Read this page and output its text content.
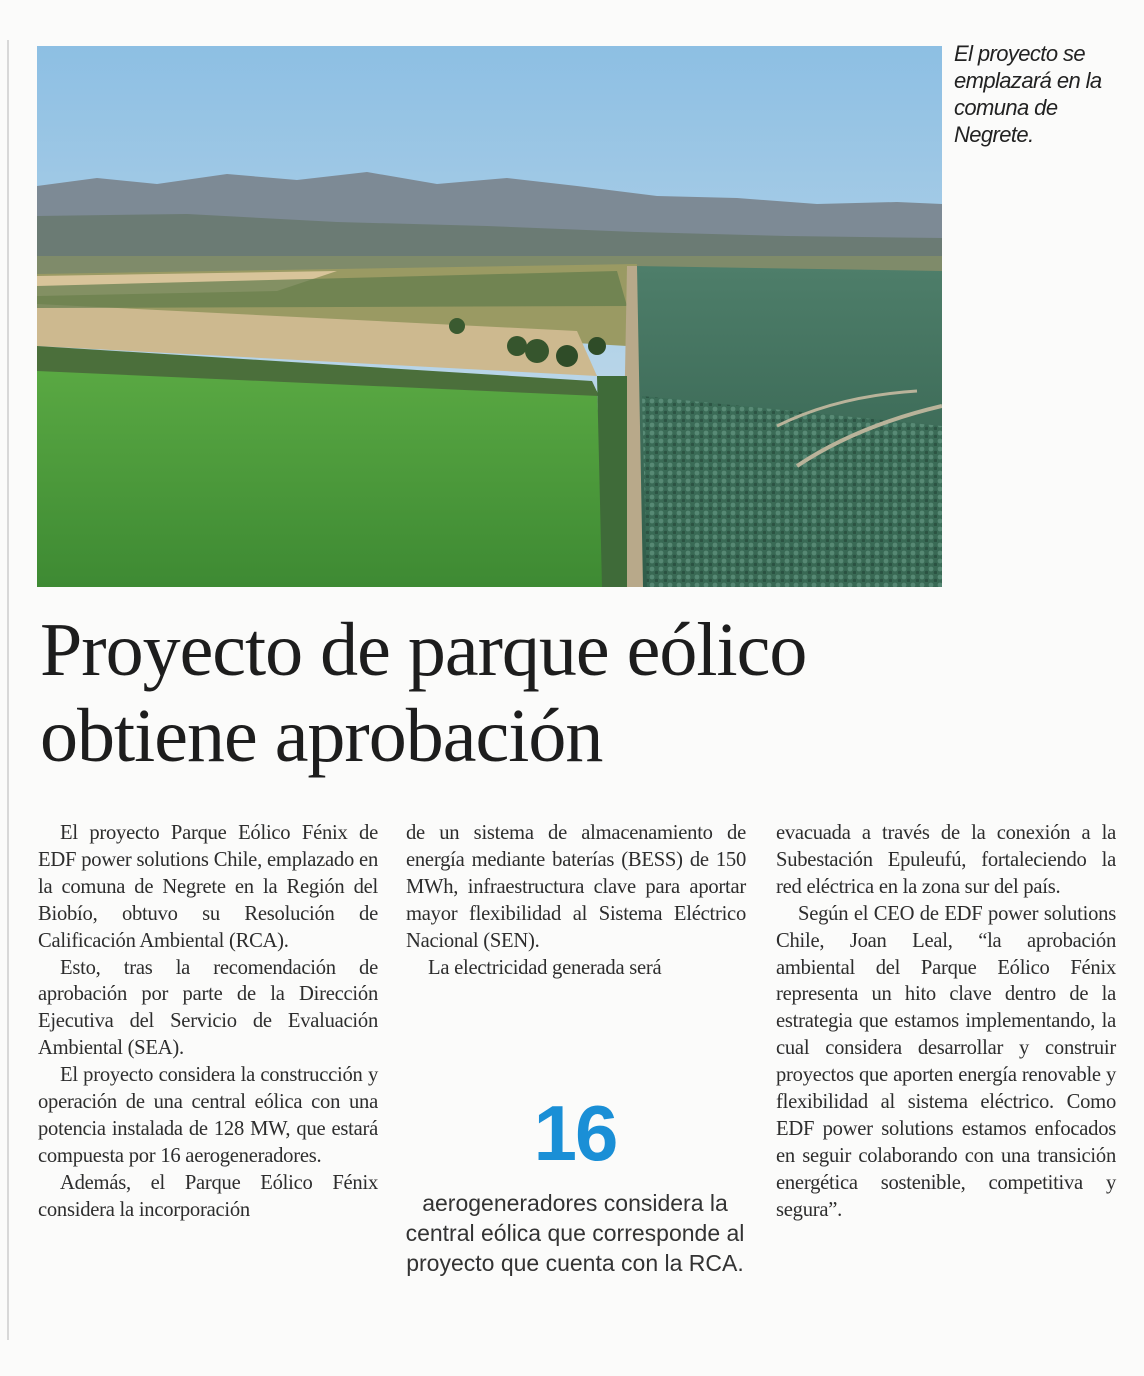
El proyecto se emplazará en la comuna de Negrete.
Proyecto de parque eólico
obtiene aprobación

El proyecto Parque Eólico Fénix de EDF power solutions Chile, emplazado en la comuna de Negrete en la Región del Biobío, obtuvo su Resolución de Calificación Ambiental (RCA).

Esto, tras la recomendación de aprobación por parte de la Dirección Ejecutiva del Servicio de Evaluación Ambiental (SEA).

El proyecto considera la construcción y operación de una central eólica con una potencia instalada de 128 MW, que estará compuesta por 16 aerogeneradores.

Además, el Parque Eólico Fénix considera la incorporación

de un sistema de almacenamiento de energía mediante baterías (BESS) de 150 MWh, infraestructura clave para aportar mayor flexibilidad al Sistema Eléctrico Nacional (SEN).

La electricidad generada será

16
aerogeneradores considera la central eólica que corresponde al proyecto que cuenta con la RCA.

evacuada a través de la conexión a la Subestación Epuleufú, fortaleciendo la red eléctrica en la zona sur del país.

Según el CEO de EDF power solutions Chile, Joan Leal, “la aprobación ambiental del Parque Eólico Fénix representa un hito clave dentro de la estrategia que estamos implementando, la cual considera desarrollar y construir proyectos que aporten energía renovable y flexibilidad al sistema eléctrico. Como EDF power solutions estamos enfocados en seguir colaborando con una transición energética sostenible, competitiva y segura”.
